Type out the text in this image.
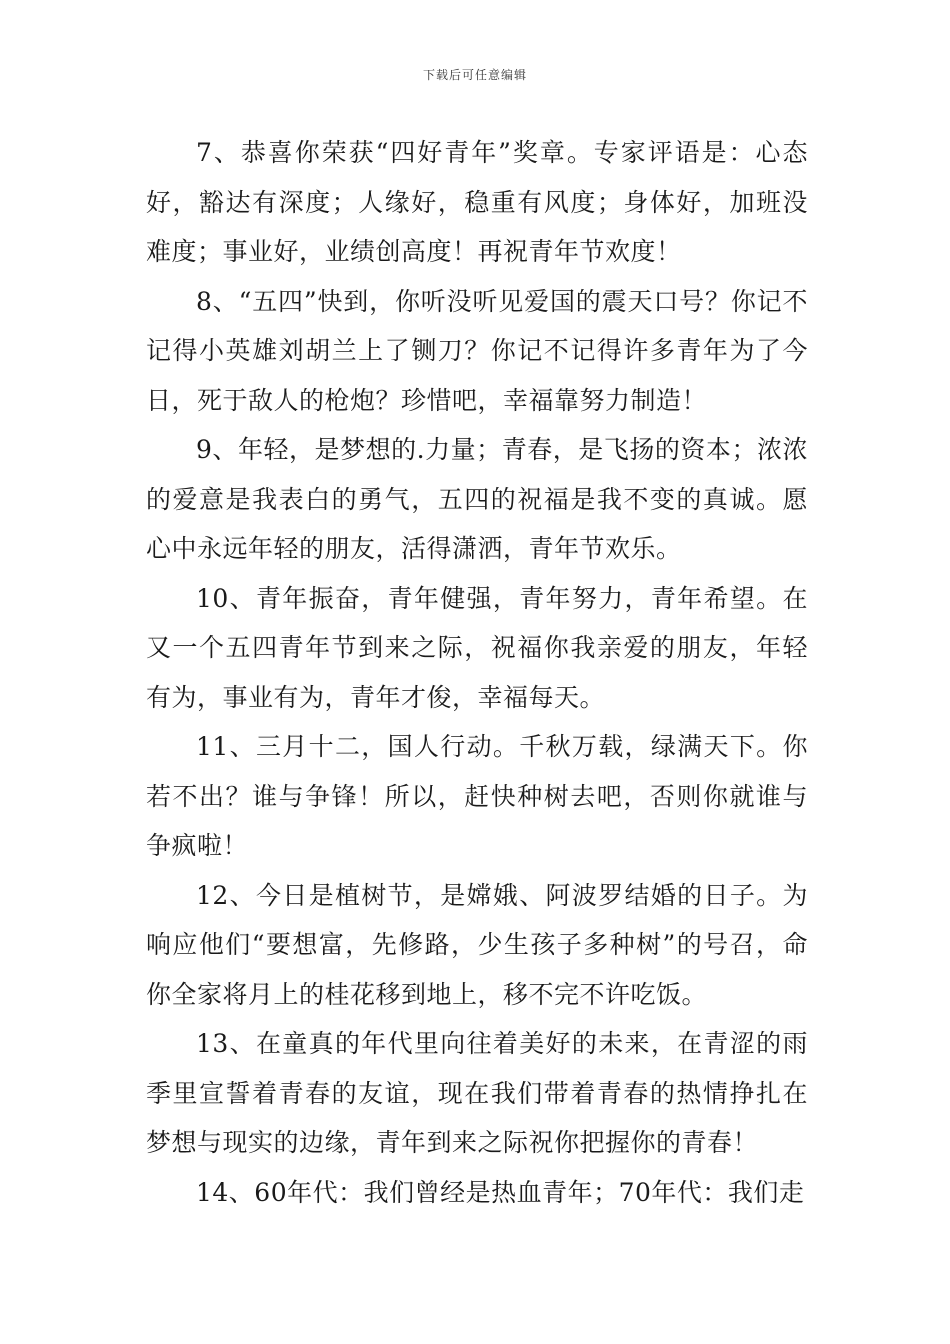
下载后可任意编辑

7、恭喜你荣获“四好青年”奖章。专家评语是：心态好，豁达有深度；人缘好，稳重有风度；身体好，加班没难度；事业好，业绩创高度！再祝青年节欢度！

8、“五四”快到，你听没听见爱国的震天口号？你记不记得小英雄刘胡兰上了铡刀？你记不记得许多青年为了今日，死于敌人的枪炮？珍惜吧，幸福靠努力制造！

9、年轻，是梦想的.力量；青春，是飞扬的资本；浓浓的爱意是我表白的勇气，五四的祝福是我不变的真诚。愿心中永远年轻的朋友，活得潇洒，青年节欢乐。

10、青年振奋，青年健强，青年努力，青年希望。在又一个五四青年节到来之际，祝福你我亲爱的朋友，年轻有为，事业有为，青年才俊，幸福每天。

11、三月十二，国人行动。千秋万载，绿满天下。你若不出？谁与争锋！所以，赶快种树去吧，否则你就谁与争疯啦！

12、今日是植树节，是嫦娥、阿波罗结婚的日子。为响应他们“要想富，先修路，少生孩子多种树”的号召，命你全家将月上的桂花移到地上，移不完不许吃饭。

13、在童真的年代里向往着美好的未来，在青涩的雨季里宣誓着青春的友谊，现在我们带着青春的热情挣扎在梦想与现实的边缘，青年到来之际祝你把握你的青春！

14、60年代：我们曾经是热血青年；70年代：我们走
